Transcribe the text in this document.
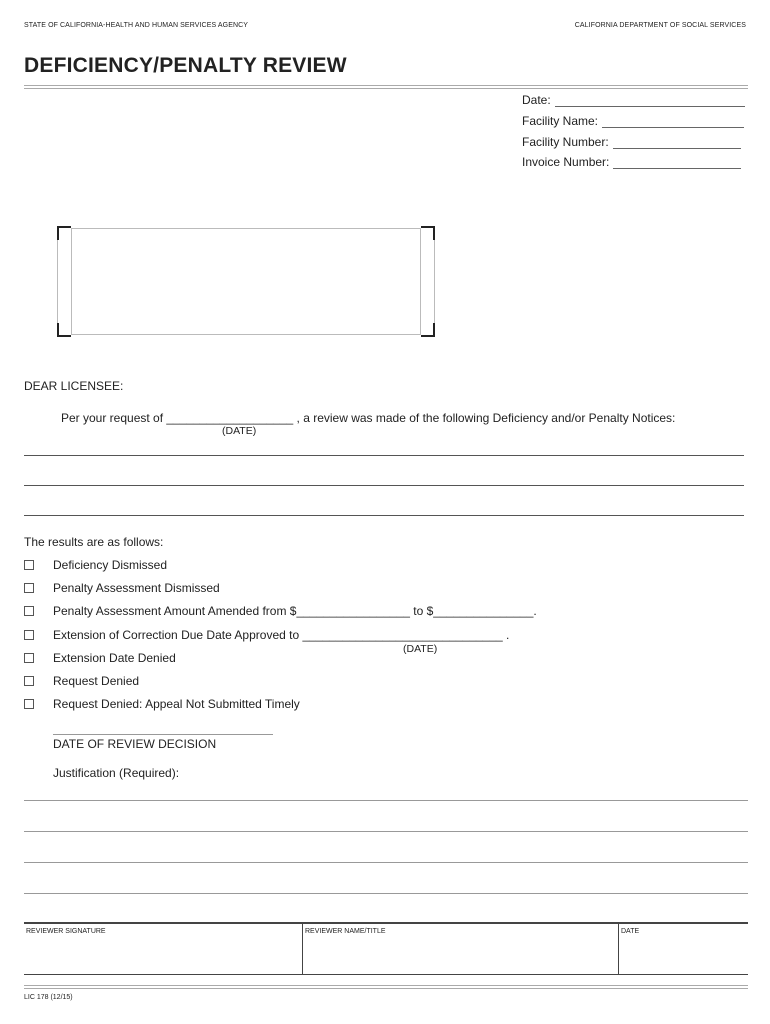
STATE OF CALIFORNIA-HEALTH AND HUMAN SERVICES AGENCY	CALIFORNIA DEPARTMENT OF SOCIAL SERVICES
DEFICIENCY/PENALTY REVIEW
Date:
Facility Name:
Facility Number:
Invoice Number:
DEAR LICENSEE:
Per your request of ___________________ , a review was made of the following Deficiency and/or Penalty Notices:
(DATE)
The results are as follows:
Deficiency Dismissed
Penalty Assessment Dismissed
Penalty Assessment Amount Amended from $_________________ to $_______________.
Extension of Correction Due Date Approved to ______________________________ .
(DATE)
Extension Date Denied
Request Denied
Request Denied: Appeal Not Submitted Timely
DATE OF REVIEW DECISION
Justification (Required):
REVIEWER SIGNATURE	REVIEWER NAME/TITLE	DATE
LIC 178 (12/15)
